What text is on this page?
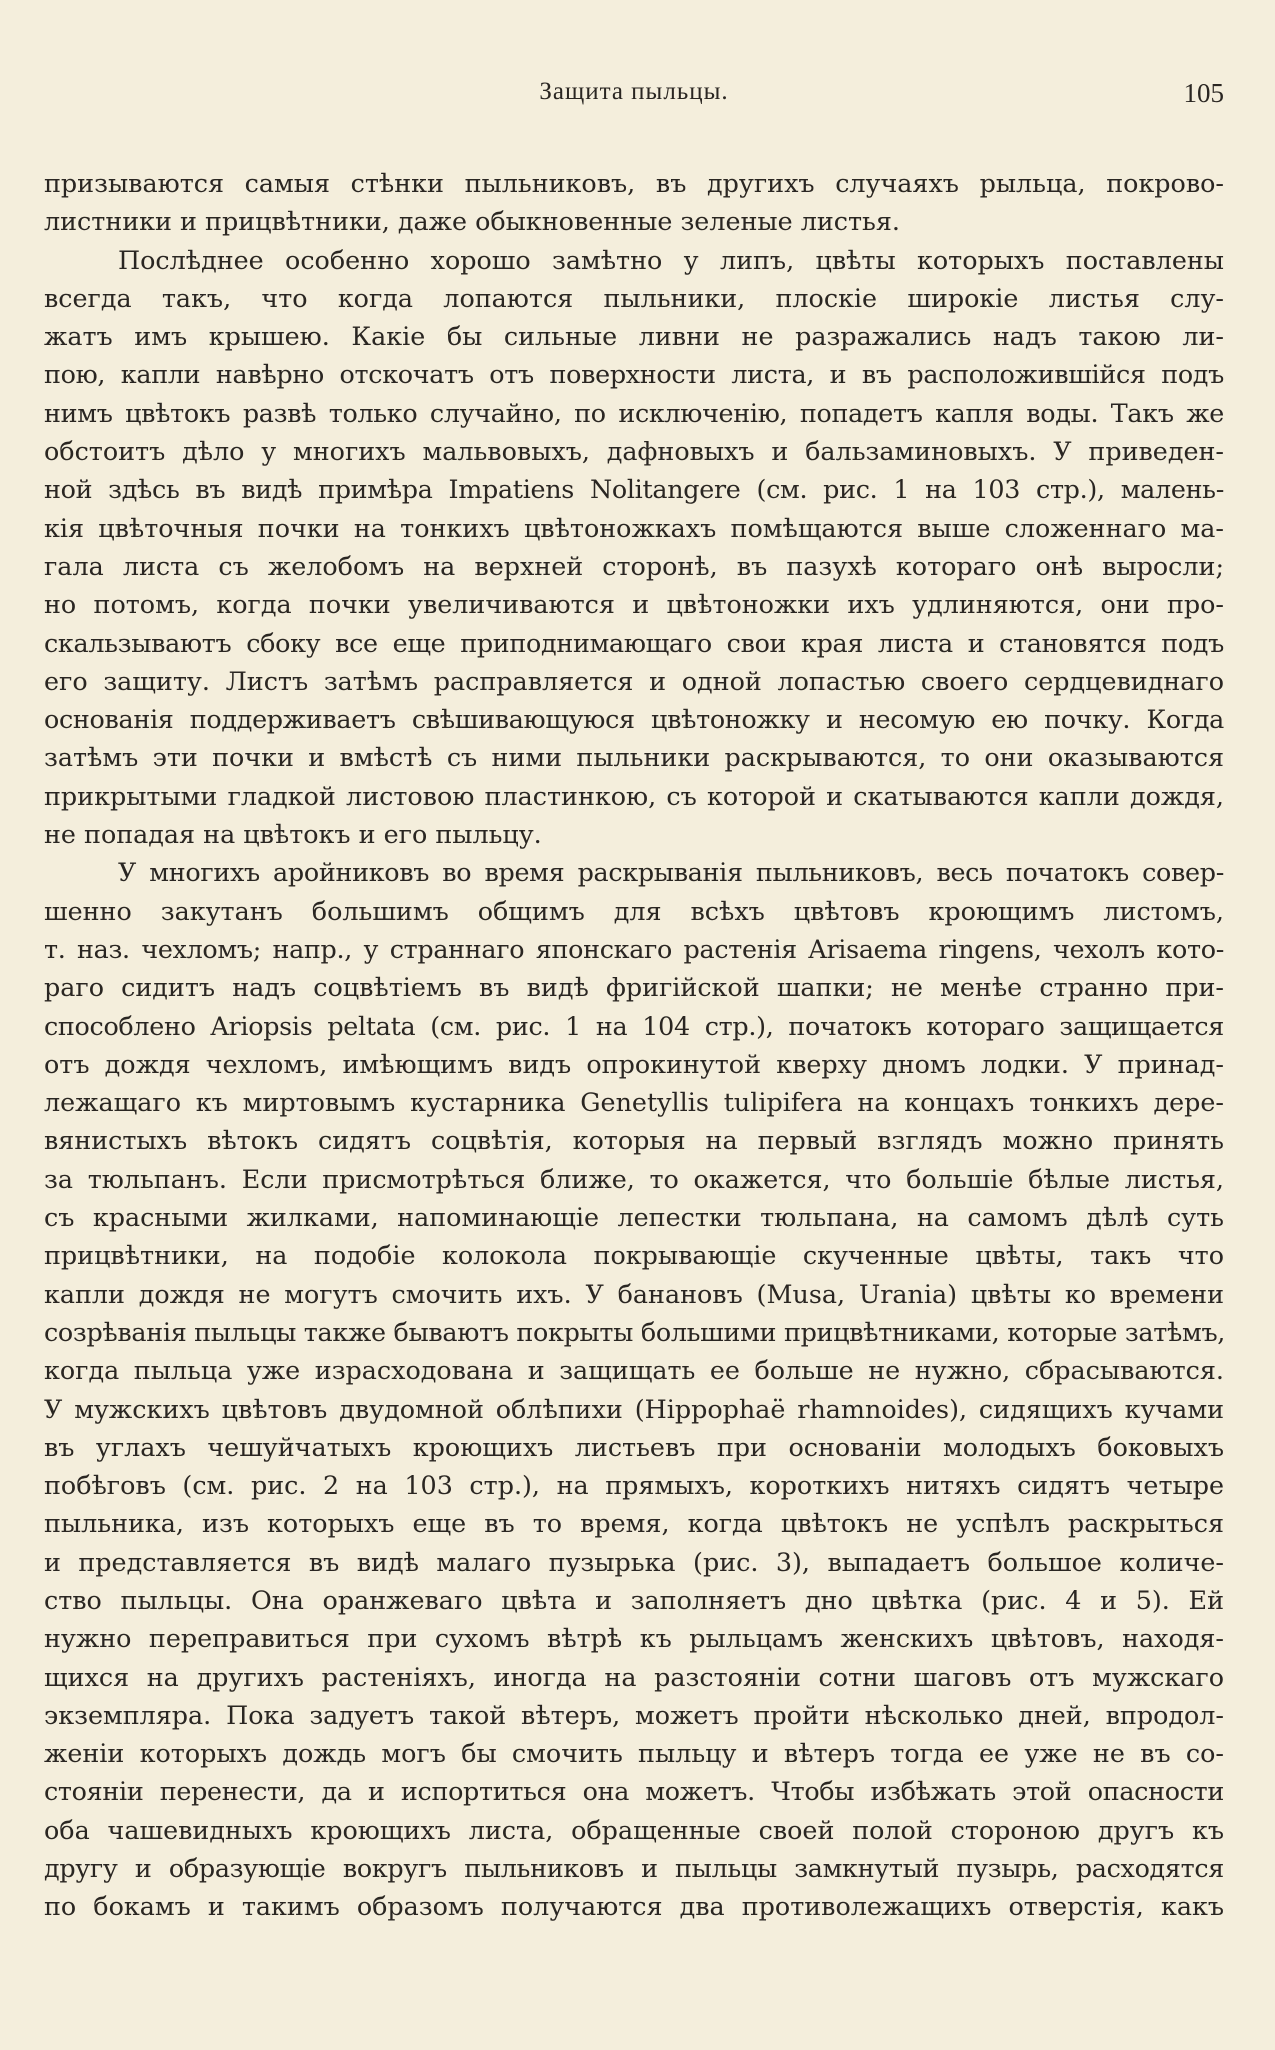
Защита пыльцы.	105
призываются самыя стѣнки пыльниковъ, въ другихъ случаяхъ рыльца, покрово-
листники и прицвѣтники, даже обыкновенные зеленые листья.
Послѣднее особенно хорошо замѣтно у липъ, цвѣты которыхъ поставлены
всегда такъ, что когда лопаются пыльники, плоскіе широкіе листья слу-
жатъ имъ крышею. Какіе бы сильные ливни не разражались надъ такою ли-
пою, капли навѣрно отскочатъ отъ поверхности листа, и въ расположившійся подъ
нимъ цвѣтокъ развѣ только случайно, по исключенію, попадетъ капля воды. Такъ же
обстоитъ дѣло у многихъ мальвовыхъ, дафновыхъ и бальзаминовыхъ. У приведен-
ной здѣсь въ видѣ примѣра Impatiens Nolitangere (см. рис. 1 на 103 стр.), малень-
кія цвѣточныя почки на тонкихъ цвѣтоножкахъ помѣщаются выше сложеннаго ма-
гала листа съ желобомъ на верхней сторонѣ, въ пазухѣ котораго онѣ выросли;
но потомъ, когда почки увеличиваются и цвѣтоножки ихъ удлиняются, они про-
скальзываютъ сбоку все еще приподнимающаго свои края листа и становятся подъ
его защиту. Листъ затѣмъ расправляется и одной лопастью своего сердцевиднаго
основанія поддерживаетъ свѣшивающуюся цвѣтоножку и несомую ею почку. Когда
затѣмъ эти почки и вмѣстѣ съ ними пыльники раскрываются, то они оказываются
прикрытыми гладкой листовою пластинкою, съ которой и скатываются капли дождя,
не попадая на цвѣтокъ и его пыльцу.
У многихъ аройниковъ во время раскрыванія пыльниковъ, весь початокъ совер-
шенно закутанъ большимъ общимъ для всѣхъ цвѣтовъ кроющимъ листомъ,
т. наз. чехломъ; напр., у страннаго японскаго растенія Arisaema ringens, чехолъ кото-
раго сидитъ надъ соцвѣтіемъ въ видѣ фригійской шапки; не менѣе странно при-
способлено Ariopsis peltata (см. рис. 1 на 104 стр.), початокъ котораго защищается
отъ дождя чехломъ, имѣющимъ видъ опрокинутой кверху дномъ лодки. У принад-
лежащаго къ миртовымъ кустарника Genetyllis tulipifera на концахъ тонкихъ дере-
вянистыхъ вѣтокъ сидятъ соцвѣтія, которыя на первый взглядъ можно принять
за тюльпанъ. Если присмотрѣться ближе, то окажется, что большіе бѣлые листья,
съ красными жилками, напоминающіе лепестки тюльпана, на самомъ дѣлѣ суть
прицвѣтники, на подобіе колокола покрывающіе скученные цвѣты, такъ что
капли дождя не могутъ смочить ихъ. У банановъ (Musa, Urania) цвѣты ко времени
созрѣванія пыльцы также бываютъ покрыты большими прицвѣтниками, которые затѣмъ,
когда пыльца уже израсходована и защищать ее больше не нужно, сбрасываются.
У мужскихъ цвѣтовъ двудомной облѣпихи (Hippophaë rhamnoides), сидящихъ кучами
въ углахъ чешуйчатыхъ кроющихъ листьевъ при основаніи молодыхъ боковыхъ
побѣговъ (см. рис. 2 на 103 стр.), на прямыхъ, короткихъ нитяхъ сидятъ четыре
пыльника, изъ которыхъ еще въ то время, когда цвѣтокъ не успѣлъ раскрыться
и представляется въ видѣ малаго пузырька (рис. 3), выпадаетъ большое количе-
ство пыльцы. Она оранжеваго цвѣта и заполняетъ дно цвѣтка (рис. 4 и 5). Ей
нужно переправиться при сухомъ вѣтрѣ къ рыльцамъ женскихъ цвѣтовъ, находя-
щихся на другихъ растеніяхъ, иногда на разстояніи сотни шаговъ отъ мужскаго
экземпляра. Пока задуетъ такой вѣтеръ, можетъ пройти нѣсколько дней, впродол-
женіи которыхъ дождь могъ бы смочить пыльцу и вѣтеръ тогда ее уже не въ со-
стояніи перенести, да и испортиться она можетъ. Чтобы избѣжать этой опасности
оба чашевидныхъ кроющихъ листа, обращенные своей полой стороною другъ къ
другу и образующіе вокругъ пыльниковъ и пыльцы замкнутый пузырь, расходятся
по бокамъ и такимъ образомъ получаются два противолежащихъ отверстія, какъ
